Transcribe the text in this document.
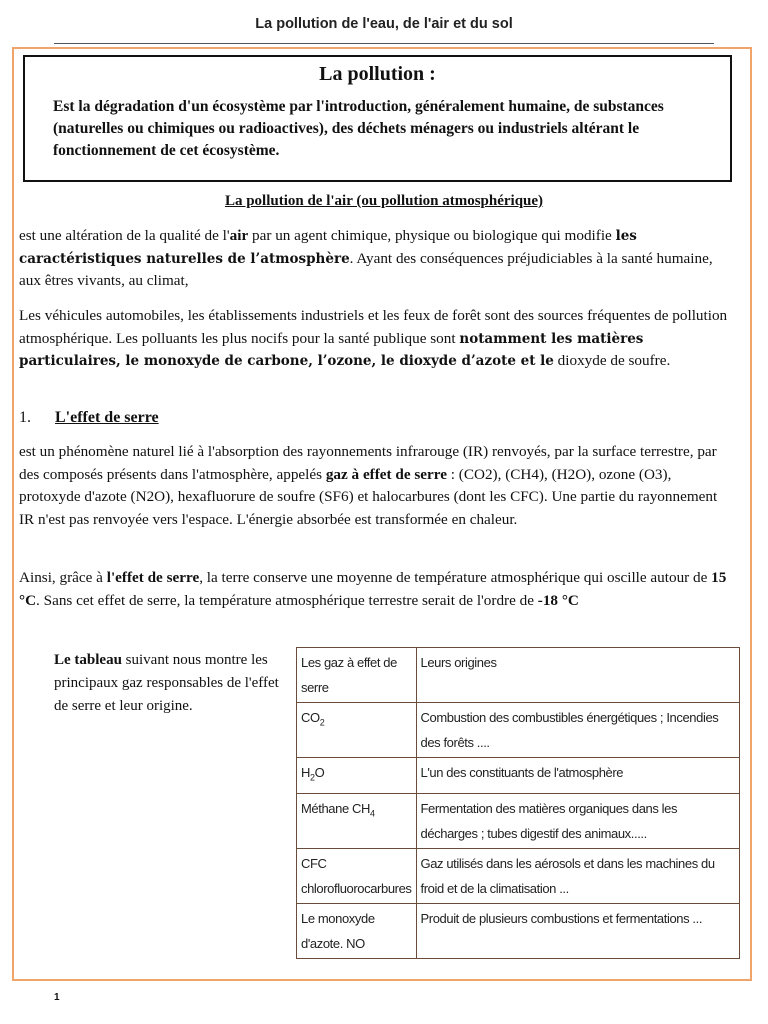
La pollution de l'eau, de l'air et du sol

La pollution :

Est la dégradation d'un écosystème par l'introduction, généralement humaine, de substances (naturelles ou chimiques ou radioactives), des déchets ménagers ou industriels altérant le fonctionnement de cet écosystème.

La pollution de l'air (ou pollution atmosphérique)

est une altération de la qualité de l'air par un agent chimique, physique ou biologique qui modifie les caractéristiques naturelles de l’atmosphère. Ayant des conséquences préjudiciables à la santé humaine, aux êtres vivants, au climat,

Les véhicules automobiles, les établissements industriels et les feux de forêt sont des sources fréquentes de pollution atmosphérique. Les polluants les plus nocifs pour la santé publique sont notamment les matières particulaires, le monoxyde de carbone, l’ozone, le dioxyde d’azote et le dioxyde de soufre.

1. L'effet de serre

est un phénomène naturel lié à l'absorption des rayonnements infrarouge (IR) renvoyés, par la surface terrestre, par des composés présents dans l'atmosphère, appelés gaz à effet de serre : (CO2), (CH4), (H2O), ozone (O3), protoxyde d'azote (N2O), hexafluorure de soufre (SF6) et halocarbures (dont les CFC). Une partie du rayonnement IR n'est pas renvoyée vers l'espace. L'énergie absorbée est transformée en chaleur.

Ainsi, grâce à l'effet de serre, la terre conserve une moyenne de température atmosphérique qui oscille autour de 15 °C. Sans cet effet de serre, la température atmosphérique terrestre serait de l'ordre de -18 °C

Le tableau suivant nous montre les principaux gaz responsables de l'effet de serre et leur origine.

Les gaz à effet de serre	Leurs origines
$CO_2$	Combustion des combustibles énergétiques ; Incendies des forêts ....
$H_2O$	L'un des constituants de l'atmosphère
Méthane $CH_4$	Fermentation des matières organiques dans les décharges ; tubes digestif des animaux.....
CFC chlorofluorocarbures	Gaz utilisés dans les aérosols et dans les machines du froid et de la climatisation ...
Le monoxyde d'azote. NO	Produit de plusieurs combustions et fermentations ...
1
